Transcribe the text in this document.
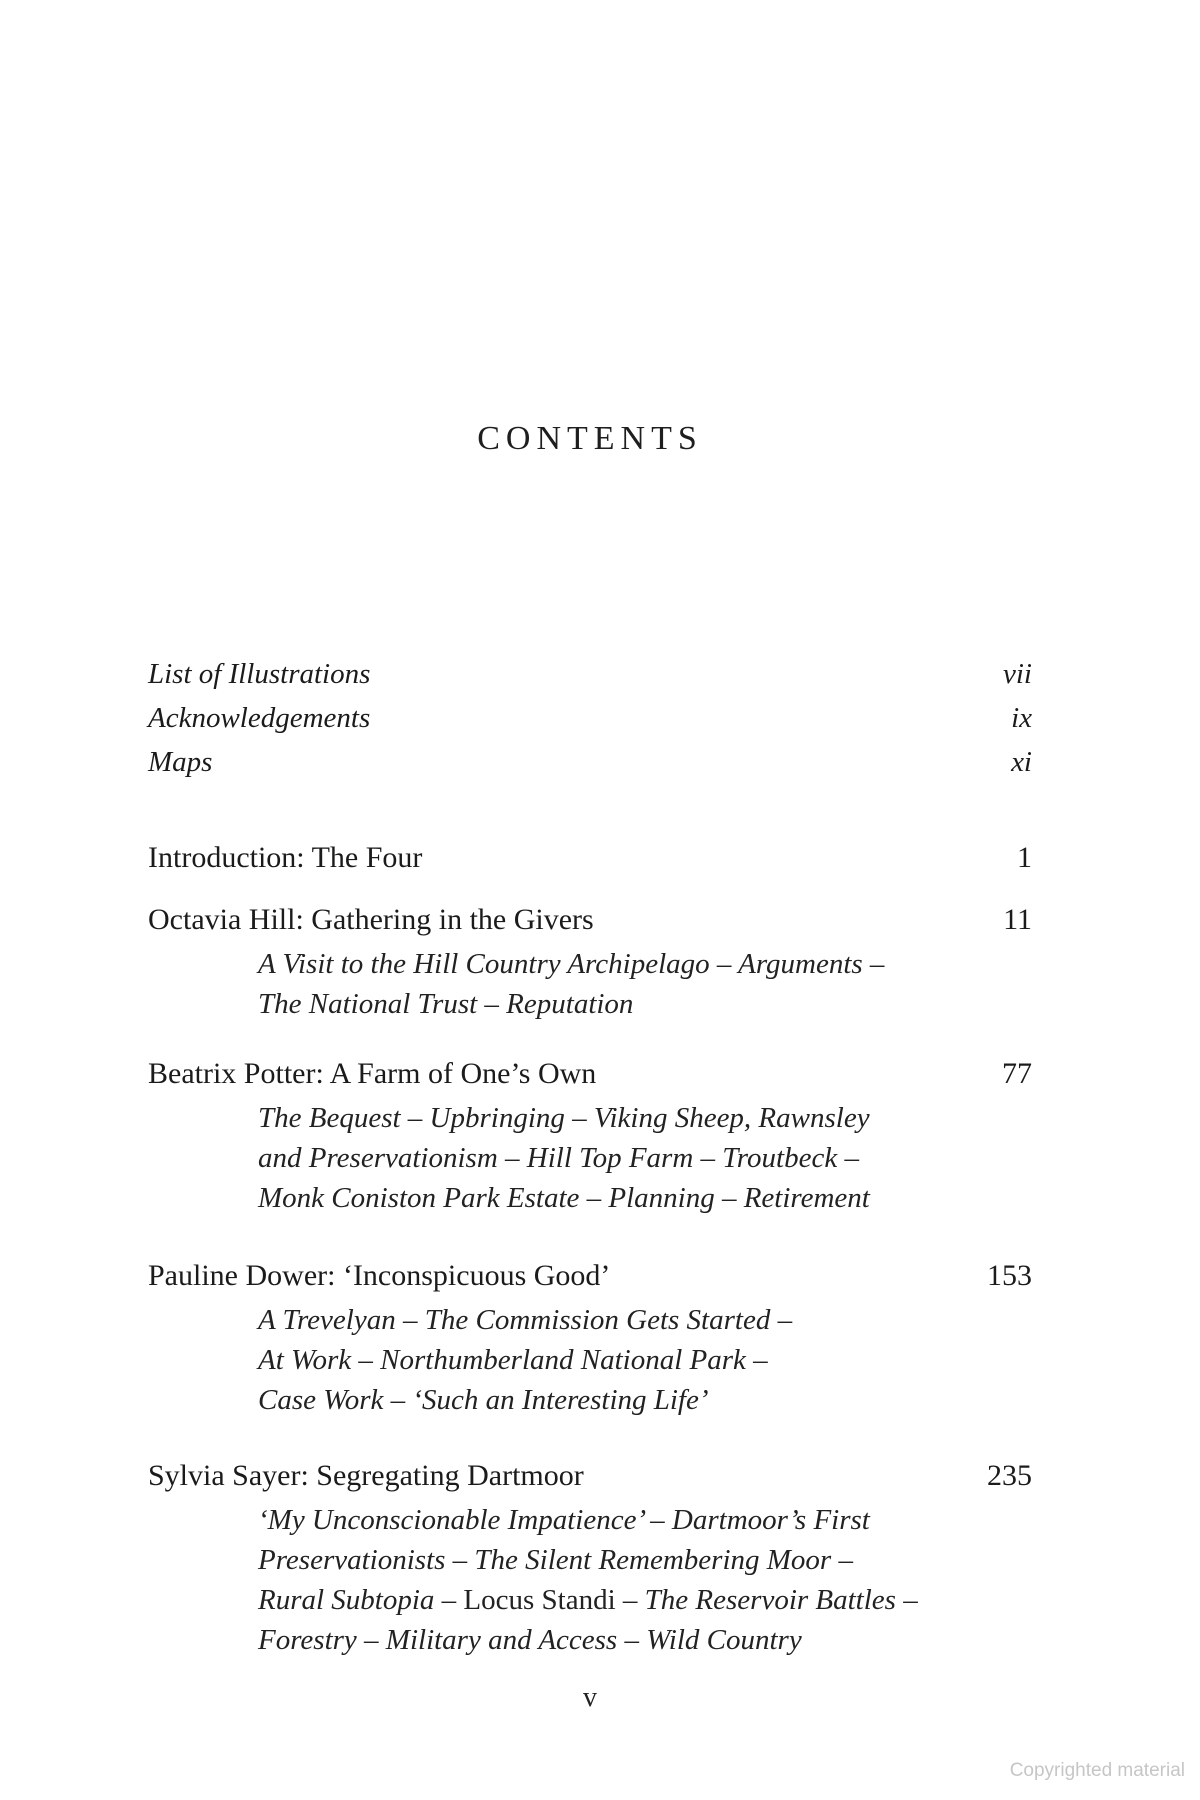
CONTENTS
List of Illustrations	vii
Acknowledgements	ix
Maps	xi
Introduction: The Four	1
Octavia Hill: Gathering in the Givers	11
A Visit to the Hill Country Archipelago – Arguments –
The National Trust – Reputation
Beatrix Potter: A Farm of One’s Own	77
The Bequest – Upbringing – Viking Sheep, Rawnsley
and Preservationism – Hill Top Farm – Troutbeck –
Monk Coniston Park Estate – Planning – Retirement
Pauline Dower: ‘Inconspicuous Good’	153
A Trevelyan – The Commission Gets Started –
At Work – Northumberland National Park –
Case Work – ‘Such an Interesting Life’
Sylvia Sayer: Segregating Dartmoor	235
‘My Unconscionable Impatience’ – Dartmoor’s First
Preservationists – The Silent Remembering Moor –
Rural Subtopia – Locus Standi – The Reservoir Battles –
Forestry – Military and Access – Wild Country
v
Copyrighted material
